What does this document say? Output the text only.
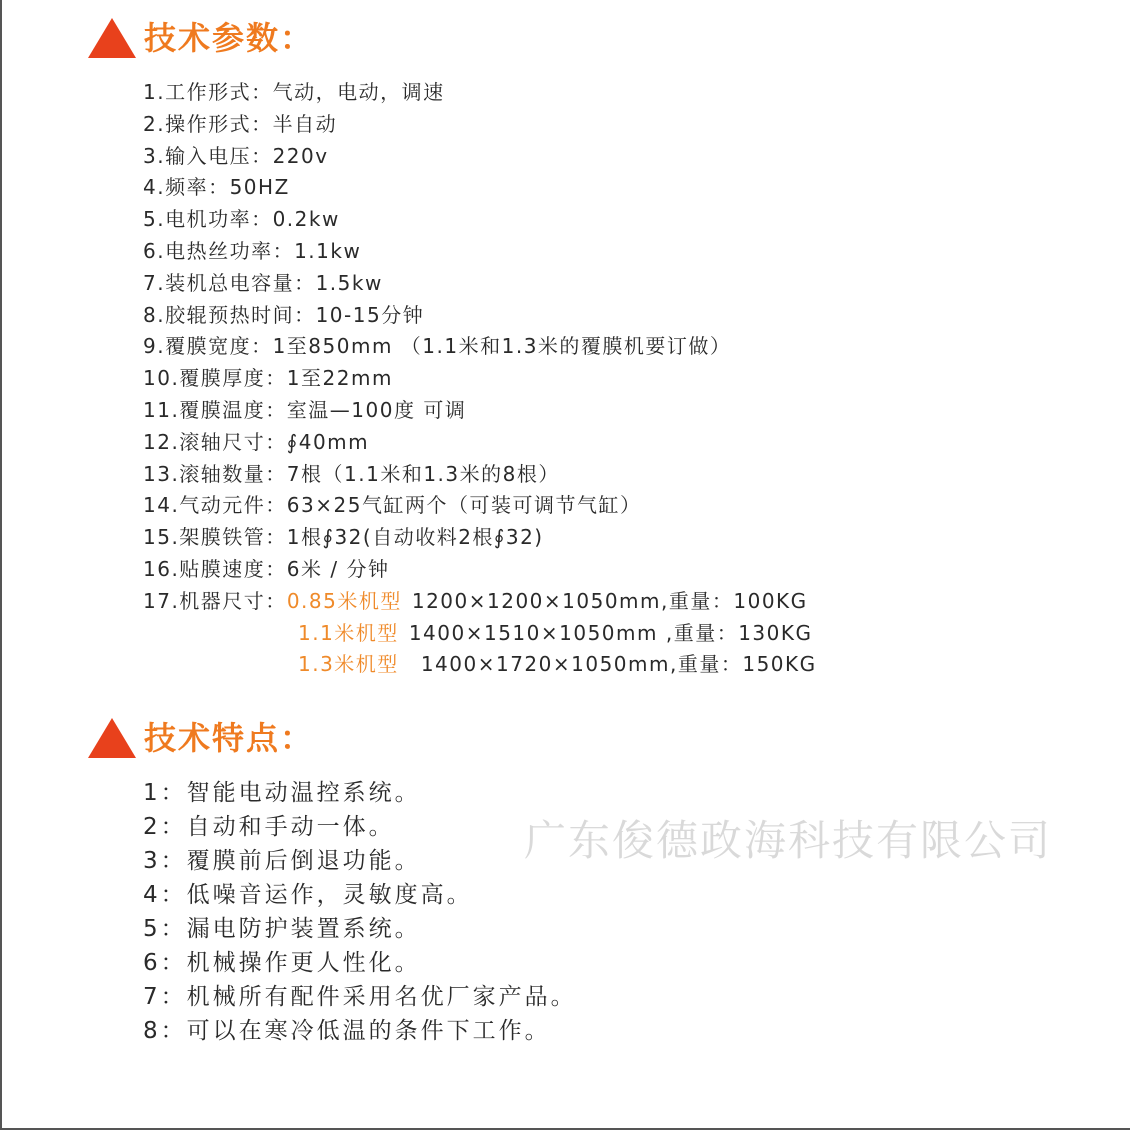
技术参数：
1.工作形式：气动，电动，调速
2.操作形式：半自动
3.输入电压：220v
4.频率：50HZ
5.电机功率：0.2kw
6.电热丝功率：1.1kw
7.装机总电容量：1.5kw
8.胶辊预热时间：10-15分钟
9.覆膜宽度：1至850mm （1.1米和1.3米的覆膜机要订做）
10.覆膜厚度：1至22mm
11.覆膜温度：室温—100度 可调
12.滚轴尺寸：∮40mm
13.滚轴数量：7根（1.1米和1.3米的8根）
14.气动元件：63×25气缸两个（可装可调节气缸）
15.架膜铁管：1根∮32(自动收料2根∮32)
16.贴膜速度：6米 / 分钟
17.机器尺寸：0.85米机型 1200×1200×1050mm,重量：100KG
1.1米机型 1400×1510×1050mm ,重量：130KG
1.3米机型 1400×1720×1050mm,重量：150KG
技术特点：
1：智能电动温控系统。
2：自动和手动一体。
3：覆膜前后倒退功能。
4：低噪音运作，灵敏度高。
5：漏电防护装置系统。
6：机械操作更人性化。
7：机械所有配件采用名优厂家产品。
8：可以在寒冷低温的条件下工作。
广东俊德政海科技有限公司
